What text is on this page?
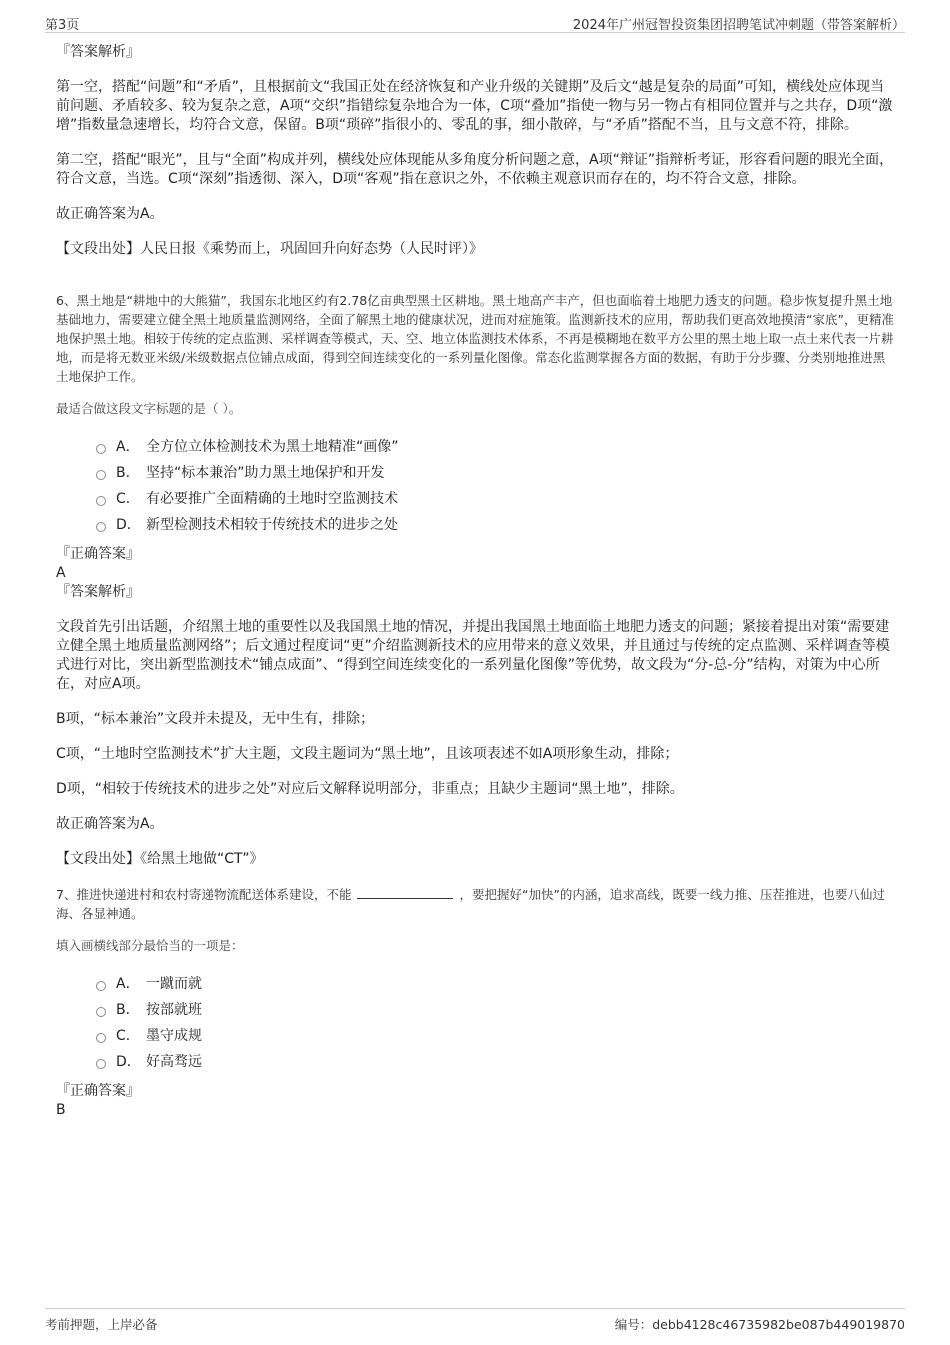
第3页	2024年广州冠智投资集团招聘笔试冲刺题（带答案解析）

『答案解析』

第一空，搭配“问题”和“矛盾”，且根据前文“我国正处在经济恢复和产业升级的关键期”及后文“越是复杂的局面”可知，横线处应体现当前问题、矛盾较多、较为复杂之意，A项“交织”指错综复杂地合为一体，C项“叠加”指使一物与另一物占有相同位置并与之共存，D项“激增”指数量急速增长，均符合文意，保留。B项“琐碎”指很小的、零乱的事，细小散碎，与“矛盾”搭配不当，且与文意不符，排除。

第二空，搭配“眼光”，且与“全面”构成并列，横线处应体现能从多角度分析问题之意，A项“辩证”指辩析考证，形容看问题的眼光全面，符合文意，当选。C项“深刻”指透彻、深入，D项“客观”指在意识之外，不依赖主观意识而存在的，均不符合文意，排除。

故正确答案为A。

【文段出处】人民日报《乘势而上，巩固回升向好态势（人民时评）》

6、黑土地是“耕地中的大熊猫”，我国东北地区约有2.78亿亩典型黑土区耕地。黑土地高产丰产，但也面临着土地肥力透支的问题。稳步恢复提升黑土地基础地力，需要建立健全黑土地质量监测网络，全面了解黑土地的健康状况，进而对症施策。监测新技术的应用，帮助我们更高效地摸清“家底”，更精准地保护黑土地。相较于传统的定点监测、采样调查等模式，天、空、地立体监测技术体系，不再是模糊地在数平方公里的黑土地上取一点土来代表一片耕地，而是将无数亚米级/米级数据点位铺点成面，得到空间连续变化的一系列量化图像。常态化监测掌握各方面的数据，有助于分步骤、分类别地推进黑土地保护工作。

最适合做这段文字标题的是（ ）。

A． 全方位立体检测技术为黑土地精准“画像”
B． 坚持“标本兼治”助力黑土地保护和开发
C． 有必要推广全面精确的土地时空监测技术
D． 新型检测技术相较于传统技术的进步之处

『正确答案』

A

『答案解析』

文段首先引出话题，介绍黑土地的重要性以及我国黑土地的情况，并提出我国黑土地面临土地肥力透支的问题；紧接着提出对策“需要建立健全黑土地质量监测网络”；后文通过程度词“更”介绍监测新技术的应用带来的意义效果，并且通过与传统的定点监测、采样调查等模式进行对比，突出新型监测技术“铺点成面”、“得到空间连续变化的一系列量化图像”等优势，故文段为“分-总-分”结构，对策为中心所在，对应A项。

B项，“标本兼治”文段并未提及，无中生有，排除；

C项，“土地时空监测技术”扩大主题，文段主题词为“黑土地”，且该项表述不如A项形象生动，排除；

D项，“相较于传统技术的进步之处”对应后文解释说明部分，非重点；且缺少主题词“黑土地”，排除。

故正确答案为A。

【文段出处】《给黑土地做“CT”》

7、推进快递进村和农村寄递物流配送体系建设，不能	，要把握好“加快”的内涵，追求高线，既要一线力推、压茬推进，也要八仙过海、各显神通。

填入画横线部分最恰当的一项是：

A． 一蹴而就
B． 按部就班
C． 墨守成规
D． 好高骛远

『正确答案』

B

考前押题，上岸必备	编号：debb4128c46735982be087b449019870
